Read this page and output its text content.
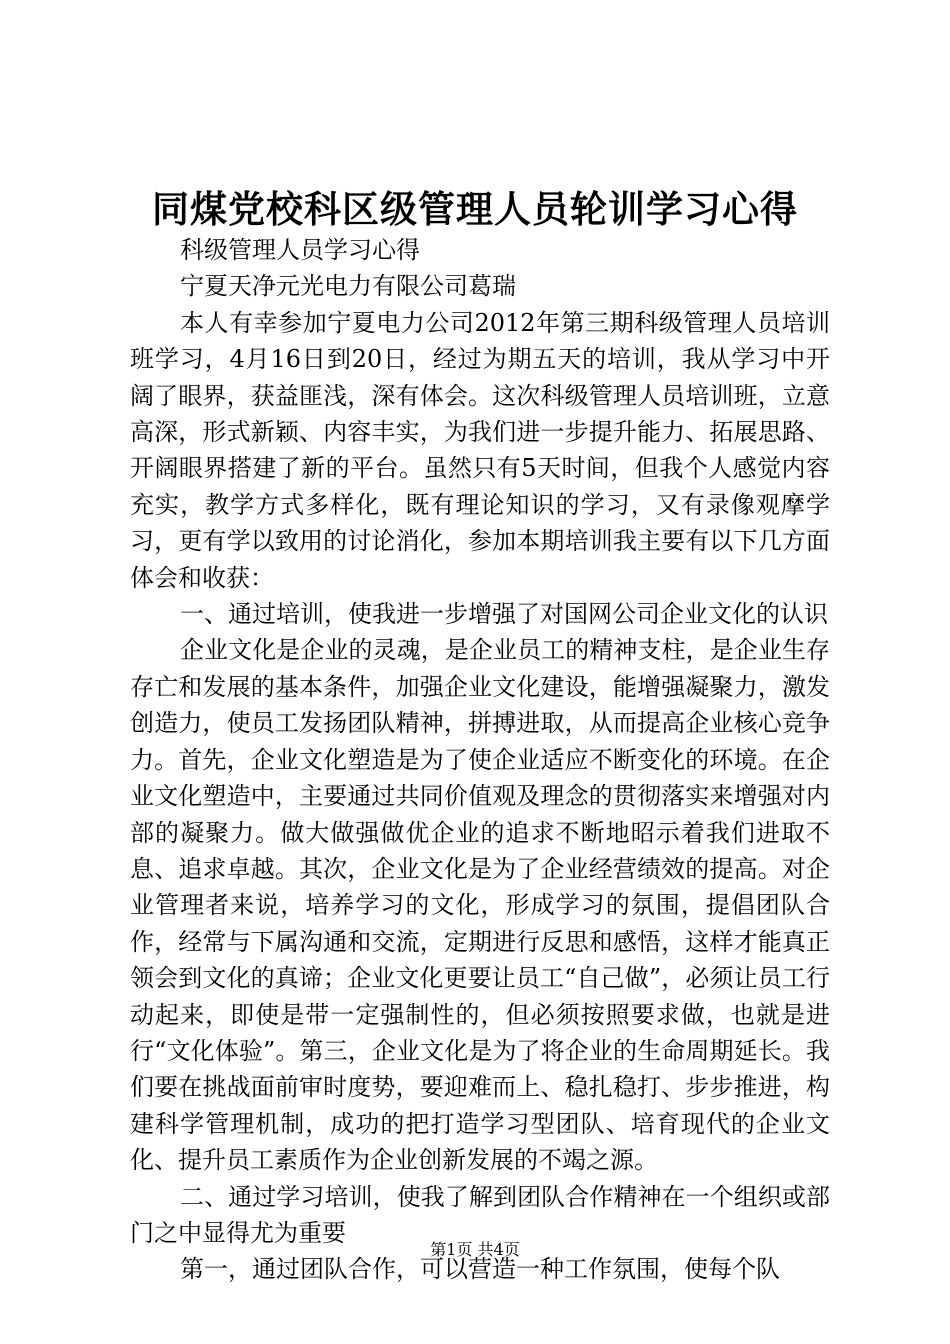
同煤党校科区级管理人员轮训学习心得

科级管理人员学习心得

宁夏天净元光电力有限公司葛瑞

本人有幸参加宁夏电力公司2012年第三期科级管理人员培训班学习，4月16日到20日，经过为期五天的培训，我从学习中开阔了眼界，获益匪浅，深有体会。这次科级管理人员培训班，立意高深，形式新颖、内容丰实，为我们进一步提升能力、拓展思路、开阔眼界搭建了新的平台。虽然只有5天时间，但我个人感觉内容充实，教学方式多样化，既有理论知识的学习，又有录像观摩学习，更有学以致用的讨论消化，参加本期培训我主要有以下几方面体会和收获：

一、通过培训，使我进一步增强了对国网公司企业文化的认识

企业文化是企业的灵魂，是企业员工的精神支柱，是企业生存存亡和发展的基本条件，加强企业文化建设，能增强凝聚力，激发创造力，使员工发扬团队精神，拼搏进取，从而提高企业核心竞争力。首先，企业文化塑造是为了使企业适应不断变化的环境。在企业文化塑造中，主要通过共同价值观及理念的贯彻落实来增强对内部的凝聚力。做大做强做优企业的追求不断地昭示着我们进取不息、追求卓越。其次，企业文化是为了企业经营绩效的提高。对企业管理者来说，培养学习的文化，形成学习的氛围，提倡团队合作，经常与下属沟通和交流，定期进行反思和感悟，这样才能真正领会到文化的真谛；企业文化更要让员工“自己做”，必须让员工行动起来，即使是带一定强制性的，但必须按照要求做，也就是进行“文化体验”。第三，企业文化是为了将企业的生命周期延长。我们要在挑战面前审时度势，要迎难而上、稳扎稳打、步步推进，构建科学管理机制，成功的把打造学习型团队、培育现代的企业文化、提升员工素质作为企业创新发展的不竭之源。

二、通过学习培训，使我了解到团队合作精神在一个组织或部门之中显得尤为重要

第一，通过团队合作，可以营造一种工作氛围，使每个队

第1页 共4页
